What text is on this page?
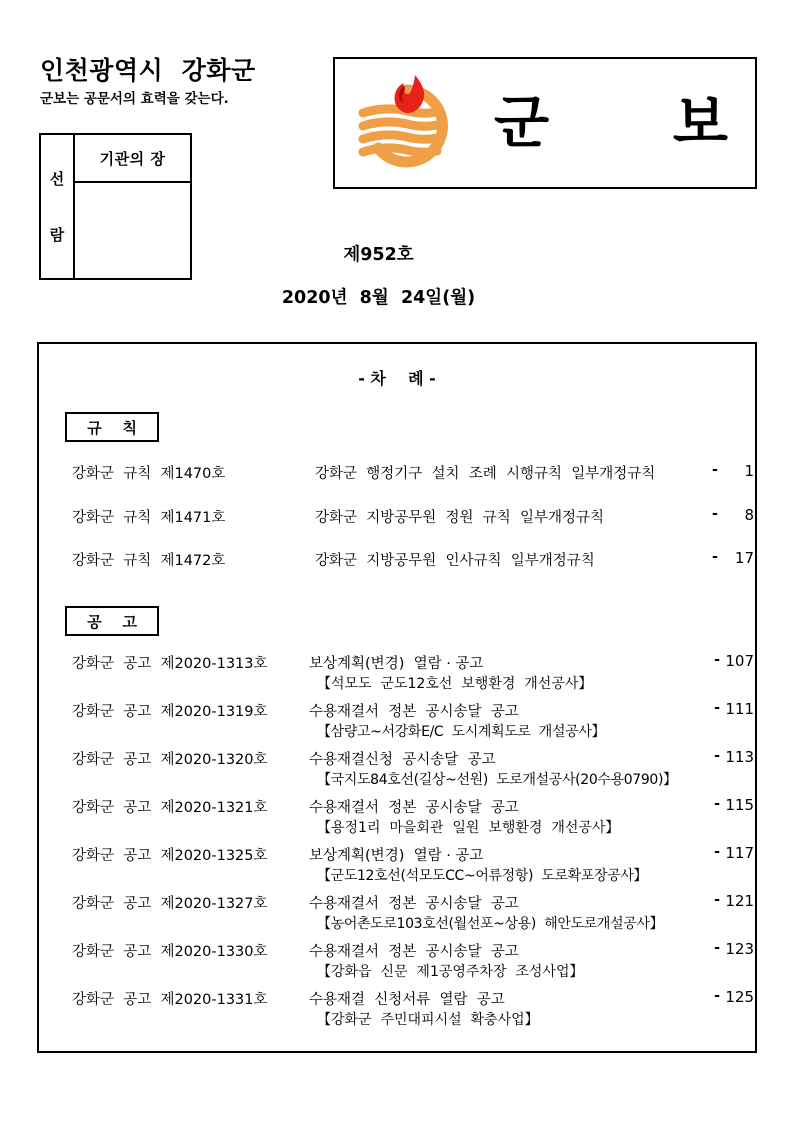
인천광역시  강화군
군보는 공문서의 효력을 갖는다.
선
람
기관의 장
군 보
제952호
2020년  8월  24일(월)
- 차    례 -
규    칙
강화군  규칙  제1470호	강화군  행정기구  설치  조례  시행규칙  일부개정규칙	-	1
강화군  규칙  제1471호	강화군  지방공무원  정원  규칙  일부개정규칙	-	8
강화군  규칙  제1472호	강화군  지방공무원  인사규칙  일부개정규칙	-	17
공    고
강화군  공고  제2020-1313호	보상계획(변경)  열람 · 공고	- 107
【석모도  군도12호선  보행환경  개선공사】
강화군  공고  제2020-1319호	수용재결서  정본  공시송달  공고	- 111
【삼량고~서강화E/C  도시계획도로  개설공사】
강화군  공고  제2020-1320호	수용재결신청  공시송달  공고	- 113
【국지도84호선(길상~선원)  도로개설공사(20수용0790)】
강화군  공고  제2020-1321호	수용재결서  정본  공시송달  공고	- 115
【용정1리  마을회관  일원  보행환경  개선공사】
강화군  공고  제2020-1325호	보상계획(변경)  열람 · 공고	- 117
【군도12호선(석모도CC~어류정항)  도로확포장공사】
강화군  공고  제2020-1327호	수용재결서  정본  공시송달  공고	- 121
【농어촌도로103호선(월선포~상용)  해안도로개설공사】
강화군  공고  제2020-1330호	수용재결서  정본  공시송달  공고	- 123
【강화읍  신문  제1공영주차장  조성사업】
강화군  공고  제2020-1331호	수용재결  신청서류  열람  공고	- 125
【강화군  주민대피시설  확충사업】
